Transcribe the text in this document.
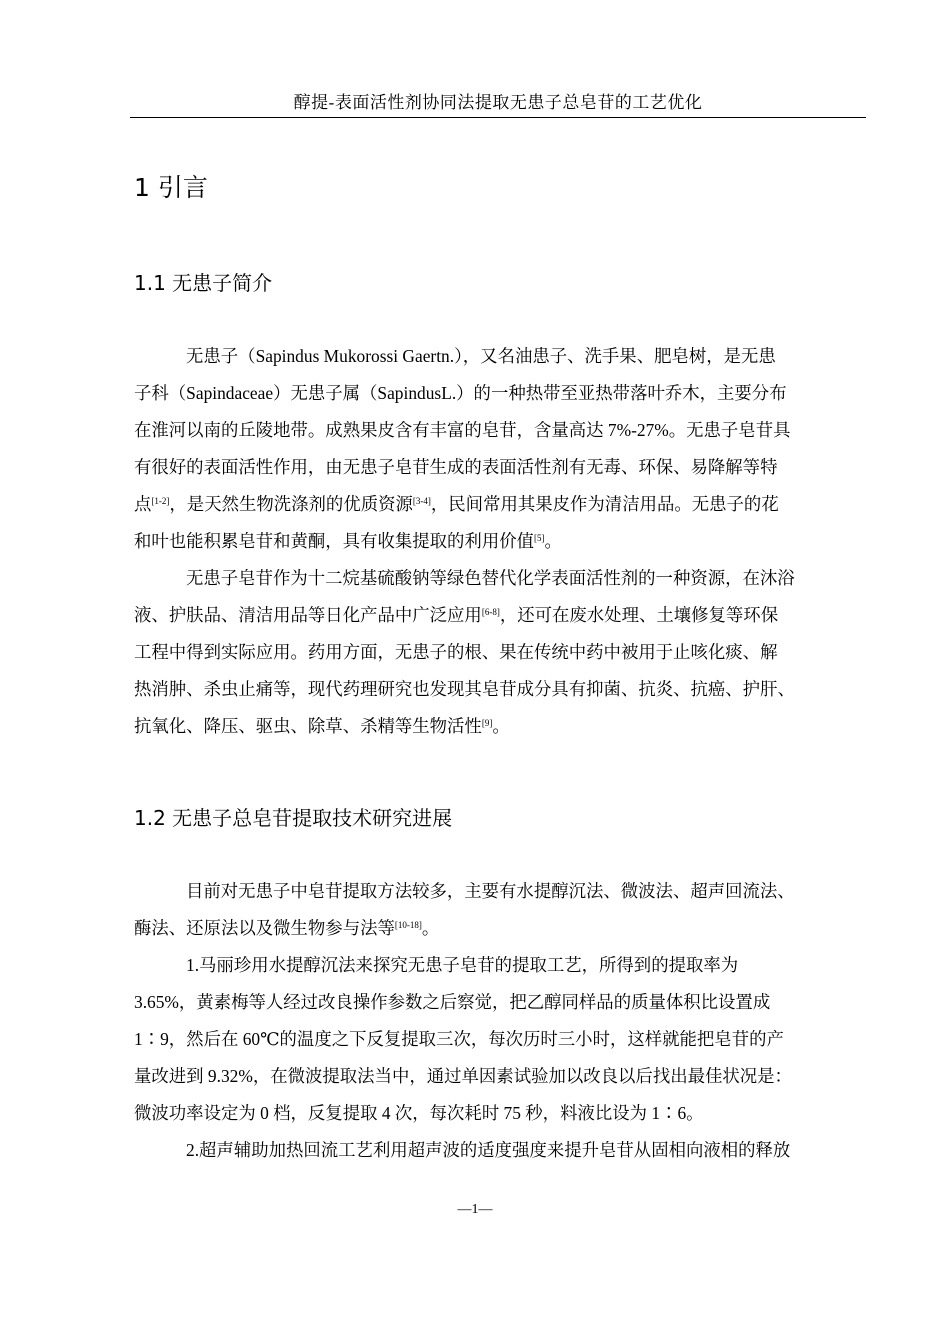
醇提-表面活性剂协同法提取无患子总皂苷的工艺优化
1 引言
1.1 无患子简介
无患子（Sapindus Mukorossi Gaertn.），又名油患子、洗手果、肥皂树，是无患
子科（Sapindaceae）无患子属（SapindusL.）的一种热带至亚热带落叶乔木，主要分布
在淮河以南的丘陵地带。成熟果皮含有丰富的皂苷，含量高达 7%-27%。无患子皂苷具
有很好的表面活性作用，由无患子皂苷生成的表面活性剂有无毒、环保、易降解等特
点[1-2]，是天然生物洗涤剂的优质资源[3-4]，民间常用其果皮作为清洁用品。无患子的花
和叶也能积累皂苷和黄酮，具有收集提取的利用价值[5]。
无患子皂苷作为十二烷基硫酸钠等绿色替代化学表面活性剂的一种资源，在沐浴
液、护肤品、清洁用品等日化产品中广泛应用[6-8]，还可在废水处理、土壤修复等环保
工程中得到实际应用。药用方面，无患子的根、果在传统中药中被用于止咳化痰、解
热消肿、杀虫止痛等，现代药理研究也发现其皂苷成分具有抑菌、抗炎、抗癌、护肝、
抗氧化、降压、驱虫、除草、杀精等生物活性[9]。
1.2 无患子总皂苷提取技术研究进展
目前对无患子中皂苷提取方法较多，主要有水提醇沉法、微波法、超声回流法、
酶法、还原法以及微生物参与法等[10-18]。
1.马丽珍用水提醇沉法来探究无患子皂苷的提取工艺，所得到的提取率为
3.65%，黄素梅等人经过改良操作参数之后察觉，把乙醇同样品的质量体积比设置成
1∶9，然后在 60℃的温度之下反复提取三次，每次历时三小时，这样就能把皂苷的产
量改进到 9.32%，在微波提取法当中，通过单因素试验加以改良以后找出最佳状况是：
微波功率设定为 0 档，反复提取 4 次，每次耗时 75 秒，料液比设为 1∶6。
2.超声辅助加热回流工艺利用超声波的适度强度来提升皂苷从固相向液相的释放
—1—
